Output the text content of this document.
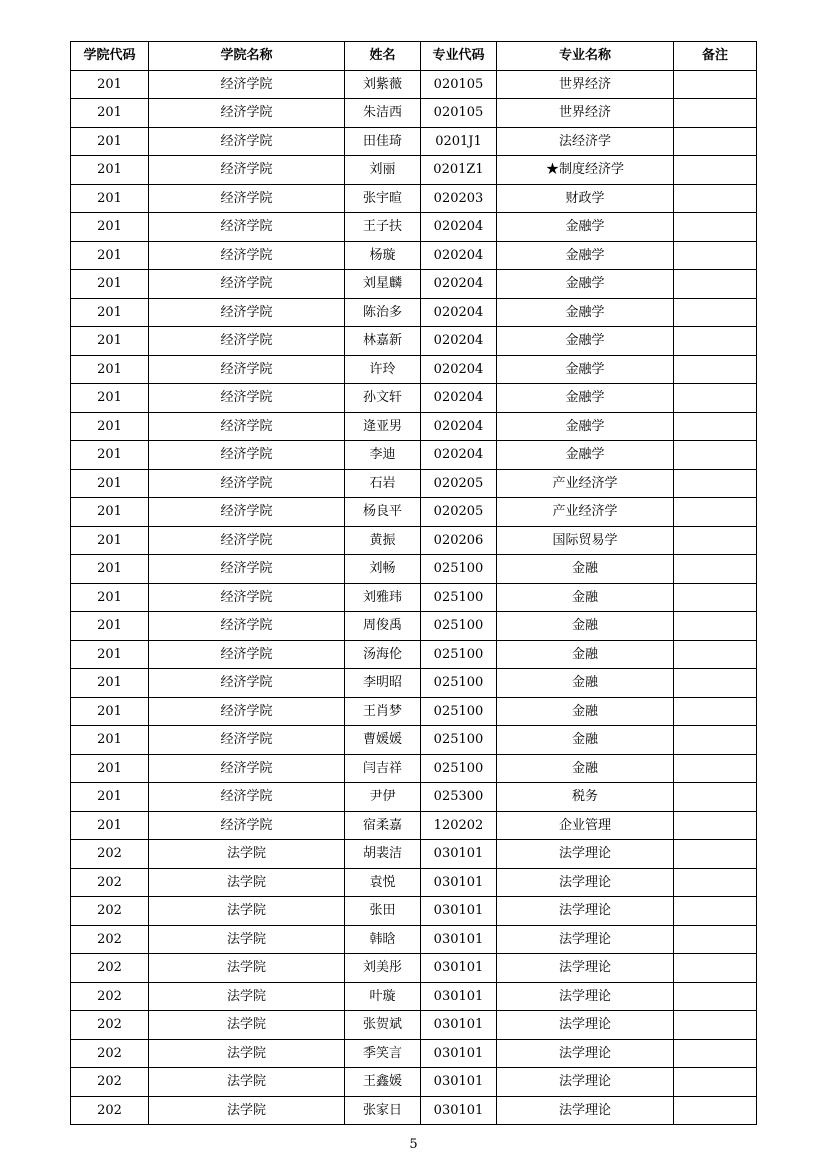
学院代码	学院名称	姓名	专业代码	专业名称	备注
201	经济学院	刘紫薇	020105	世界经济	
201	经济学院	朱洁西	020105	世界经济	
201	经济学院	田佳琦	0201J1	法经济学	
201	经济学院	刘丽	0201Z1	★制度经济学	
201	经济学院	张宇暄	020203	财政学	
201	经济学院	王子扶	020204	金融学	
201	经济学院	杨璇	020204	金融学	
201	经济学院	刘星麟	020204	金融学	
201	经济学院	陈治多	020204	金融学	
201	经济学院	林嘉新	020204	金融学	
201	经济学院	许玲	020204	金融学	
201	经济学院	孙文轩	020204	金融学	
201	经济学院	逄亚男	020204	金融学	
201	经济学院	李迪	020204	金融学	
201	经济学院	石岩	020205	产业经济学	
201	经济学院	杨良平	020205	产业经济学	
201	经济学院	黄振	020206	国际贸易学	
201	经济学院	刘畅	025100	金融	
201	经济学院	刘雅玮	025100	金融	
201	经济学院	周俊禹	025100	金融	
201	经济学院	汤海伦	025100	金融	
201	经济学院	李明昭	025100	金融	
201	经济学院	王肖梦	025100	金融	
201	经济学院	曹媛媛	025100	金融	
201	经济学院	闫吉祥	025100	金融	
201	经济学院	尹伊	025300	税务	
201	经济学院	宿柔嘉	120202	企业管理	
202	法学院	胡裴洁	030101	法学理论	
202	法学院	袁悦	030101	法学理论	
202	法学院	张田	030101	法学理论	
202	法学院	韩晗	030101	法学理论	
202	法学院	刘美彤	030101	法学理论	
202	法学院	叶璇	030101	法学理论	
202	法学院	张贺斌	030101	法学理论	
202	法学院	季笑言	030101	法学理论	
202	法学院	王鑫媛	030101	法学理论	
202	法学院	张家日	030101	法学理论	
5
